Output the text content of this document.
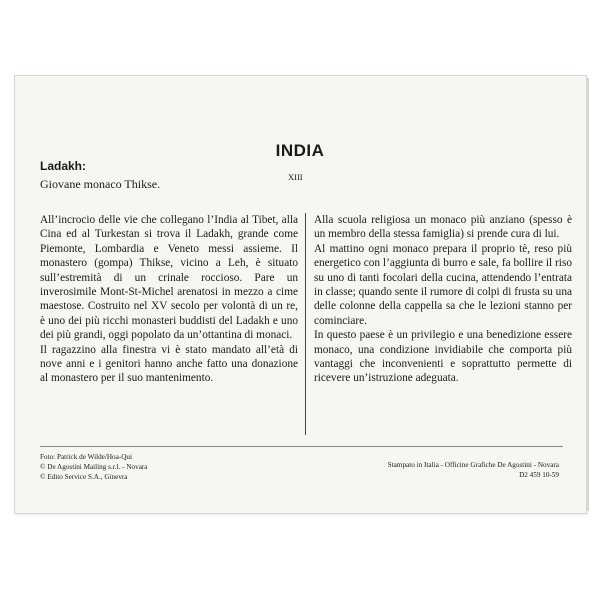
INDIA
Ladakh:
Giovane monaco Thikse.	XIII

All’incrocio delle vie che collegano l’India al Tibet, alla Cina ed al Turkestan si trova il Ladakh, grande come Piemonte, Lombardia e Veneto messi assieme. Il monastero (gompa) Thikse, vicino a Leh, è situato sull’estremità di un crinale roccioso. Pare un inverosimile Mont-St-Michel arenatosi in mezzo a cime maestose. Costruito nel XV secolo per volontà di un re, è uno dei più ricchi monasteri buddisti del Ladakh e uno dei più grandi, oggi popolato da un’ottantina di monaci.

Il ragazzino alla finestra vi è stato mandato all’età di nove anni e i genitori hanno anche fatto una donazione al monastero per il suo mantenimento.

Alla scuola religiosa un monaco più anziano (spesso è un membro della stessa famiglia) si prende cura di lui.

Al mattino ogni monaco prepara il proprio tè, reso più energetico con l’aggiunta di burro e sale, fa bollire il riso su uno di tanti focolari della cucina, attendendo l’entrata in classe; quando sente il rumore di colpi di frusta su una delle colonne della cappella sa che le lezioni stanno per cominciare.

In questo paese è un privilegio e una benedizione essere monaco, una condizione invidiabile che comporta più vantaggi che inconvenienti e soprattutto permette di ricevere un’istruzione adeguata.

Foto: Patrick de Wilde/Hoa-Qui
© De Agostini Mailing s.r.l. - Novara
© Edito Service S.A., Ginevra
Stampato in Italia - Officine Grafiche De Agostini - Novara
D2 459 10-59
